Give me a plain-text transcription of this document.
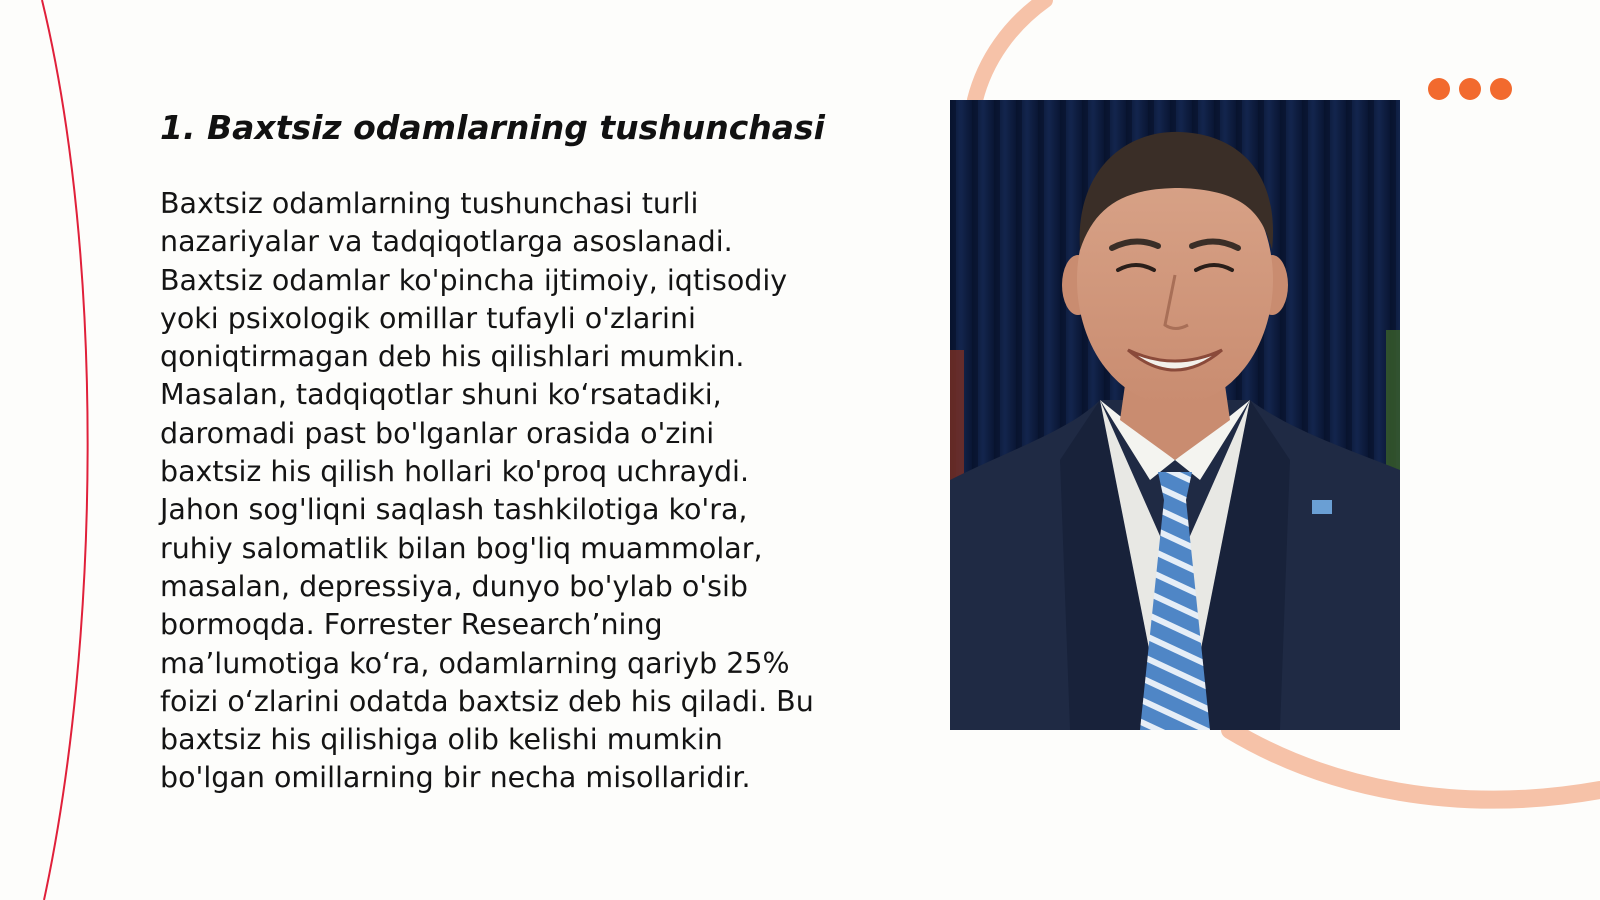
1. Baxtsiz odamlarning tushunchasi

Baxtsiz odamlarning tushunchasi turli
nazariyalar va tadqiqotlarga asoslanadi.
Baxtsiz odamlar ko'pincha ijtimoiy, iqtisodiy
yoki psixologik omillar tufayli o'zlarini
qoniqtirmagan deb his qilishlari mumkin.
Masalan, tadqiqotlar shuni ko‘rsatadiki,
daromadi past bo'lganlar orasida o'zini
baxtsiz his qilish hollari ko'proq uchraydi.
Jahon sog'liqni saqlash tashkilotiga ko'ra,
ruhiy salomatlik bilan bog'liq muammolar,
masalan, depressiya, dunyo bo'ylab o'sib
bormoqda. Forrester Research’ning
ma’lumotiga ko‘ra, odamlarning qariyb 25%
foizi o‘zlarini odatda baxtsiz deb his qiladi. Bu
baxtsiz his qilishiga olib kelishi mumkin
bo'lgan omillarning bir necha misollaridir.
